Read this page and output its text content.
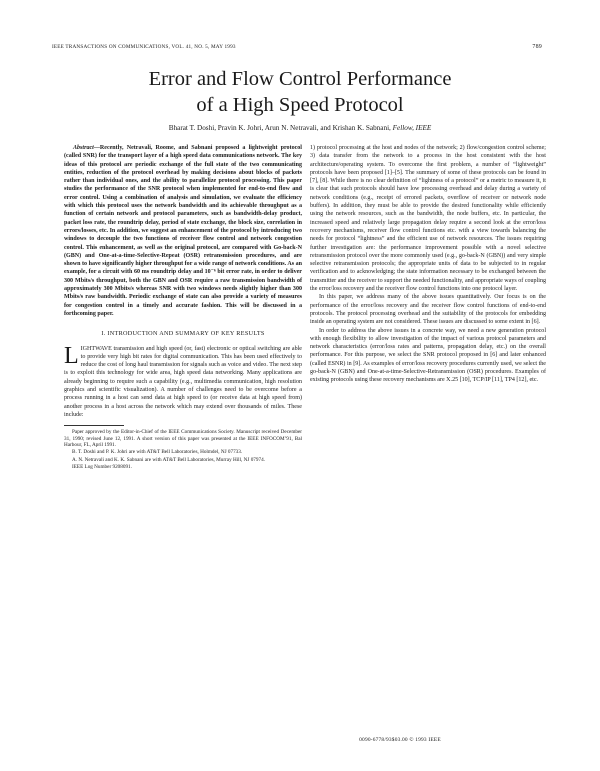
IEEE TRANSACTIONS ON COMMUNICATIONS, VOL. 41, NO. 5, MAY 1993	789
Error and Flow Control Performance
of a High Speed Protocol
Bharat T. Doshi, Pravin K. Johri, Arun N. Netravali, and Krishan K. Sabnani, Fellow, IEEE

Abstract—Recently, Netravali, Roome, and Sabnani proposed a lightweight protocol (called SNR) for the transport layer of a high speed data communications network. The key ideas of this protocol are periodic exchange of the full state of the two communicating entities, reduction of the protocol overhead by making decisions about blocks of packets rather than individual ones, and the ability to parallelize protocol processing. This paper studies the performance of the SNR protocol when implemented for end-to-end flow and error control. Using a combination of analysis and simulation, we evaluate the efficiency with which this protocol uses the network bandwidth and its achievable throughput as a function of certain network and protocol parameters, such as bandwidth-delay product, packet loss rate, the roundtrip delay, period of state exchange, the block size, correlation in errors/losses, etc. In addition, we suggest an enhancement of the protocol by introducing two windows to decouple the two functions of receiver flow control and network congestion control. This enhancement, as well as the original protocol, are compared with Go-back-N (GBN) and One-at-a-time-Selective-Repeat (OSR) retransmission procedures, and are shown to have significantly higher throughput for a wide range of network conditions. As an example, for a circuit with 60 ms roundtrip delay and 10⁻⁶ bit error rate, in order to deliver 300 Mbits/s throughput, both the GBN and OSR require a raw transmission bandwidth of approximately 300 Mbits/s whereas SNR with two windows needs slightly higher than 300 Mbits/s raw bandwidth. Periodic exchange of state can also provide a variety of measures for congestion control in a timely and accurate fashion. This will be discussed in a forthcoming paper.

I. INTRODUCTION AND SUMMARY OF KEY RESULTS

LIGHTWAVE transmission and high speed (or, fast) electronic or optical switching are able to provide very high bit rates for digital communication. This has been used effectively to reduce the cost of long haul transmission for signals such as voice and video. The next step is to exploit this technology for wide area, high speed data networking. Many applications are already beginning to require such a capability (e.g., multimedia communication, high resolution graphics and scientific visualization). A number of challenges need to be overcome before a process running in a host can send data at high speed to (or receive data at high speed from) another process in a host across the network which may extend over thousands of miles. These include:

Paper approved by the Editor-in-Chief of the IEEE Communications Society. Manuscript received December 31, 1990; revised June 12, 1991. A short version of this paper was presented at the IEEE INFOCOM’91, Bal Harbour, FL, April 1991.

B. T. Doshi and P. K. Johri are with AT&T Bell Laboratories, Holmdel, NJ 07733.

A. N. Netravali and K. K. Sabnani are with AT&T Bell Laboratories, Murray Hill, NJ 07974.

IEEE Log Number 9208091.

1) protocol processing at the host and nodes of the network; 2) flow/congestion control scheme; 3) data transfer from the network to a process in the host consistent with the host architecture/operating system. To overcome the first problem, a number of “lightweight” protocols have been proposed [1]–[5]. The summary of some of these protocols can be found in [7], [8]. While there is no clear definition of “lightness of a protocol” or a metric to measure it, it is clear that such protocols should have low processing overhead and delay during a variety of network conditions (e.g., receipt of errored packets, overflow of receiver or network node buffers). In addition, they must be able to provide the desired functionality while efficiently using the network resources, such as the bandwidth, the node buffers, etc. In particular, the increased speed and relatively large propagation delay require a second look at the error/loss recovery mechanisms, receiver flow control functions etc. with a view towards balancing the needs for protocol “lightness” and the efficient use of network resources. The issues requiring further investigation are: the performance improvement possible with a novel selective retransmission protocol over the more commonly used (e.g., go-back-N (GBN)) and very simple selective retransmission protocols; the appropriate units of data to be subjected to in regular verification and to acknowledging; the state information necessary to be exchanged between the transmitter and the receiver to support the needed functionality, and appropriate ways of coupling the error/loss recovery and the receiver flow control functions into one protocol layer.

In this paper, we address many of the above issues quantitatively. Our focus is on the performance of the error/loss recovery and the receiver flow control functions of end-to-end protocols. The protocol processing overhead and the suitability of the protocols for embedding inside an operating system are not considered. These issues are discussed to some extent in [6].

In order to address the above issues in a concrete way, we need a new generation protocol with enough flexibility to allow investigation of the impact of various protocol parameters and network characteristics (error/loss rates and patterns, propagation delay, etc.) on the overall performance. For this purpose, we select the SNR protocol proposed in [6] and later enhanced (called ESNR) in [9]. As examples of error/loss recovery procedures currently used, we select the go-back-N (GBN) and One-at-a-time-Selective-Retransmission (OSR) procedures. Examples of existing protocols using these recovery mechanisms are X.25 [10], TCP/IP [11], TP4 [12], etc.

0090-6778/93$03.00 © 1993 IEEE
